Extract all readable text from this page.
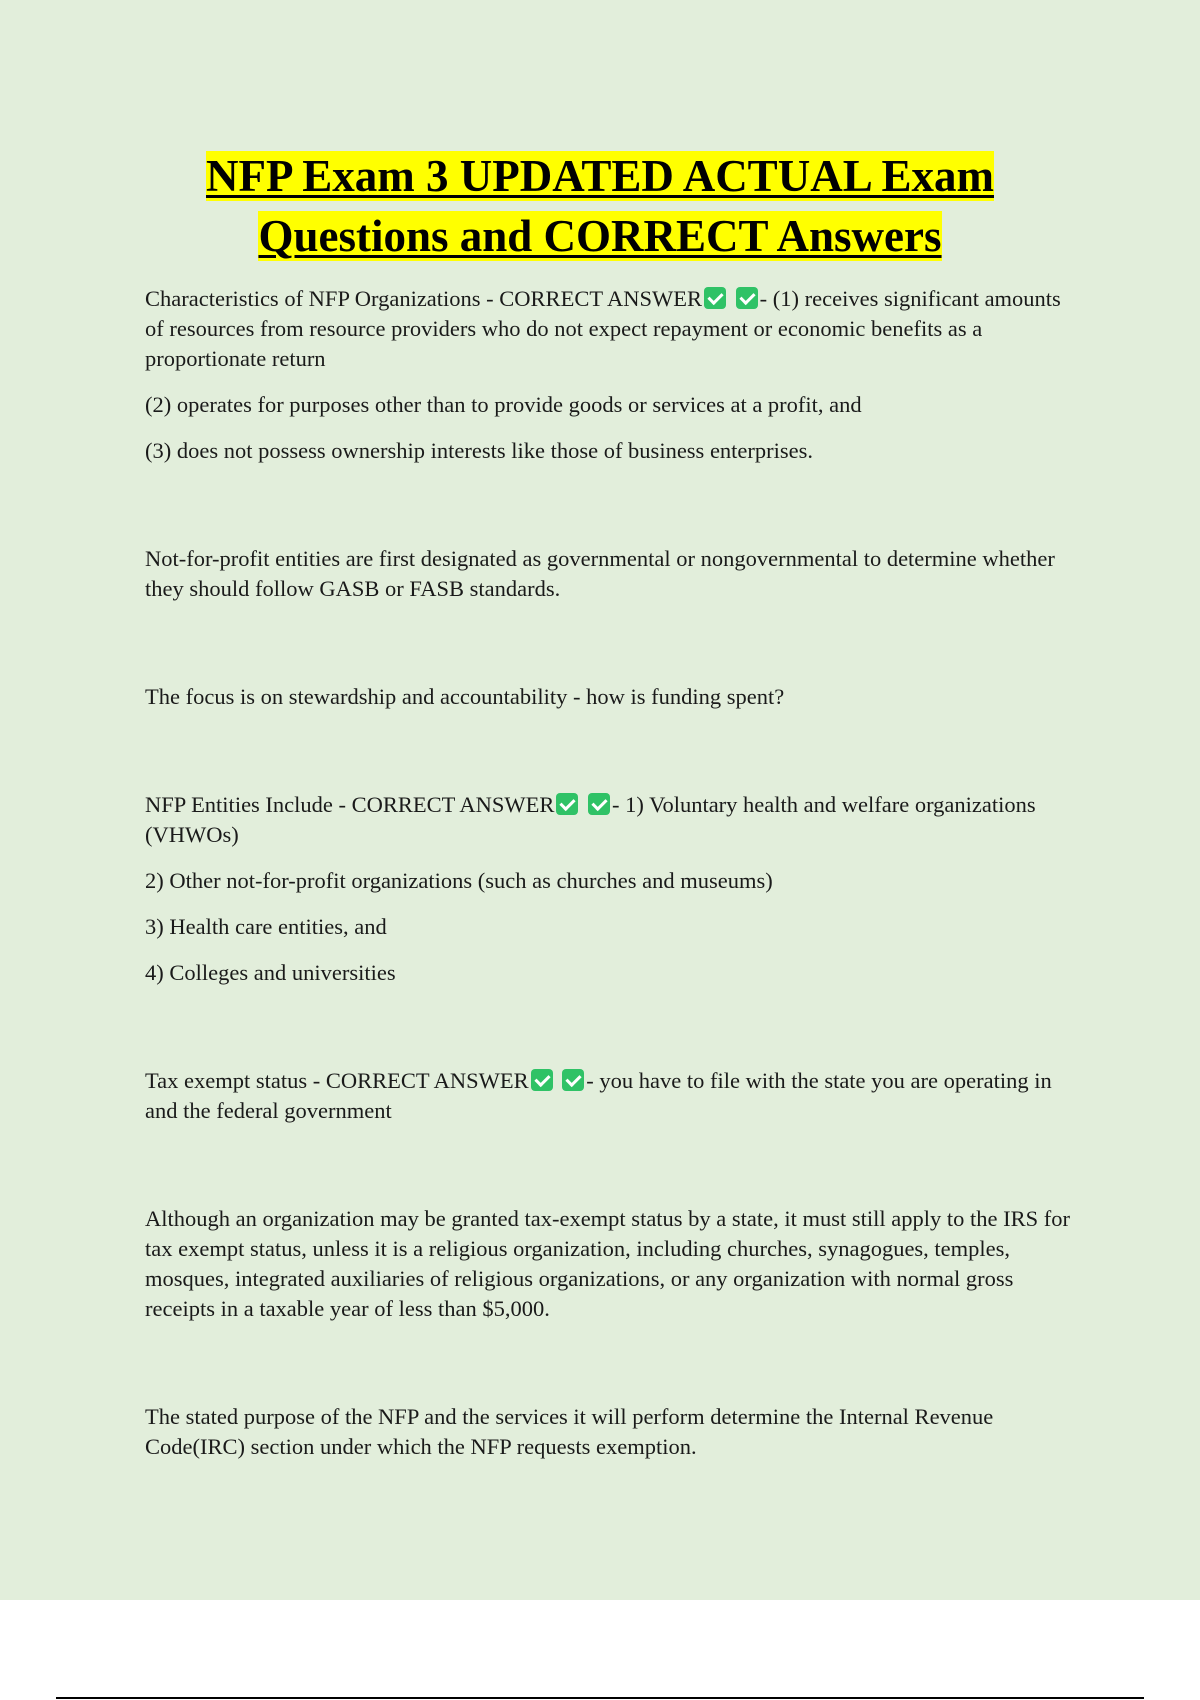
NFP Exam 3 UPDATED ACTUAL Exam
Questions and CORRECT Answers

Characteristics of NFP Organizations - CORRECT ANSWER	- (1) receives significant amounts of resources from resource providers who do not expect repayment or economic benefits as a proportionate return

(2) operates for purposes other than to provide goods or services at a profit, and

(3) does not possess ownership interests like those of business enterprises.

Not-for-profit entities are first designated as governmental or nongovernmental to determine whether they should follow GASB or FASB standards.

The focus is on stewardship and accountability - how is funding spent?

NFP Entities Include - CORRECT ANSWER	- 1) Voluntary health and welfare organizations (VHWOs)

2) Other not-for-profit organizations (such as churches and museums)

3) Health care entities, and

4) Colleges and universities

Tax exempt status - CORRECT ANSWER	- you have to file with the state you are operating in and the federal government

Although an organization may be granted tax-exempt status by a state, it must still apply to the IRS for tax exempt status, unless it is a religious organization, including churches, synagogues, temples, mosques, integrated auxiliaries of religious organizations, or any organization with normal gross receipts in a taxable year of less than $5,000.

The stated purpose of the NFP and the services it will perform determine the Internal Revenue Code(IRC) section under which the NFP requests exemption.
